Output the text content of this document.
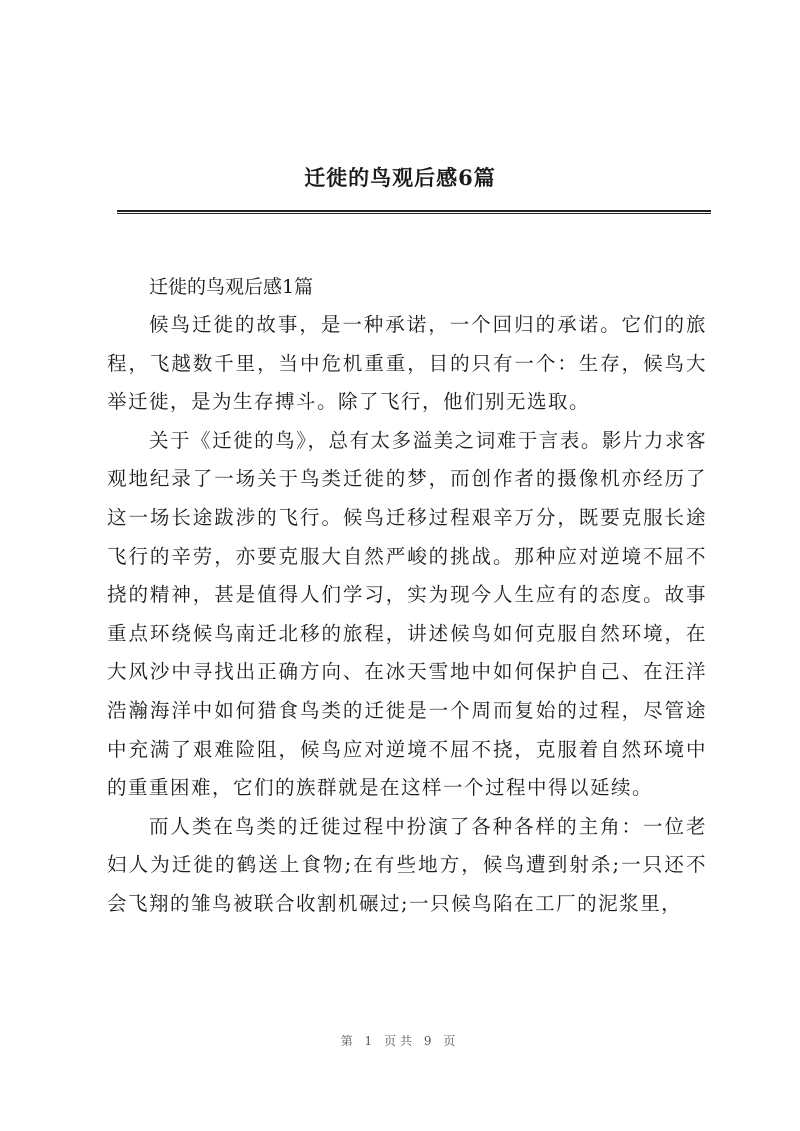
迁徙的鸟观后感6篇

迁徙的鸟观后感1篇

候鸟迁徙的故事，是一种承诺，一个回归的承诺。它们的旅程，飞越数千里，当中危机重重，目的只有一个：生存，候鸟大举迁徙，是为生存搏斗。除了飞行，他们别无选取。

关于《迁徙的鸟》，总有太多溢美之词难于言表。影片力求客观地纪录了一场关于鸟类迁徙的梦，而创作者的摄像机亦经历了这一场长途跋涉的飞行。候鸟迁移过程艰辛万分，既要克服长途飞行的辛劳，亦要克服大自然严峻的挑战。那种应对逆境不屈不挠的精神，甚是值得人们学习，实为现今人生应有的态度。故事重点环绕候鸟南迁北移的旅程，讲述候鸟如何克服自然环境，在大风沙中寻找出正确方向、在冰天雪地中如何保护自己、在汪洋浩瀚海洋中如何猎食鸟类的迁徙是一个周而复始的过程，尽管途中充满了艰难险阻，候鸟应对逆境不屈不挠，克服着自然环境中的重重困难，它们的族群就是在这样一个过程中得以延续。

而人类在鸟类的迁徙过程中扮演了各种各样的主角：一位老妇人为迁徙的鹤送上食物;在有些地方，候鸟遭到射杀;一只还不会飞翔的雏鸟被联合收割机碾过;一只候鸟陷在工厂的泥浆里，

第 1 页共 9 页
